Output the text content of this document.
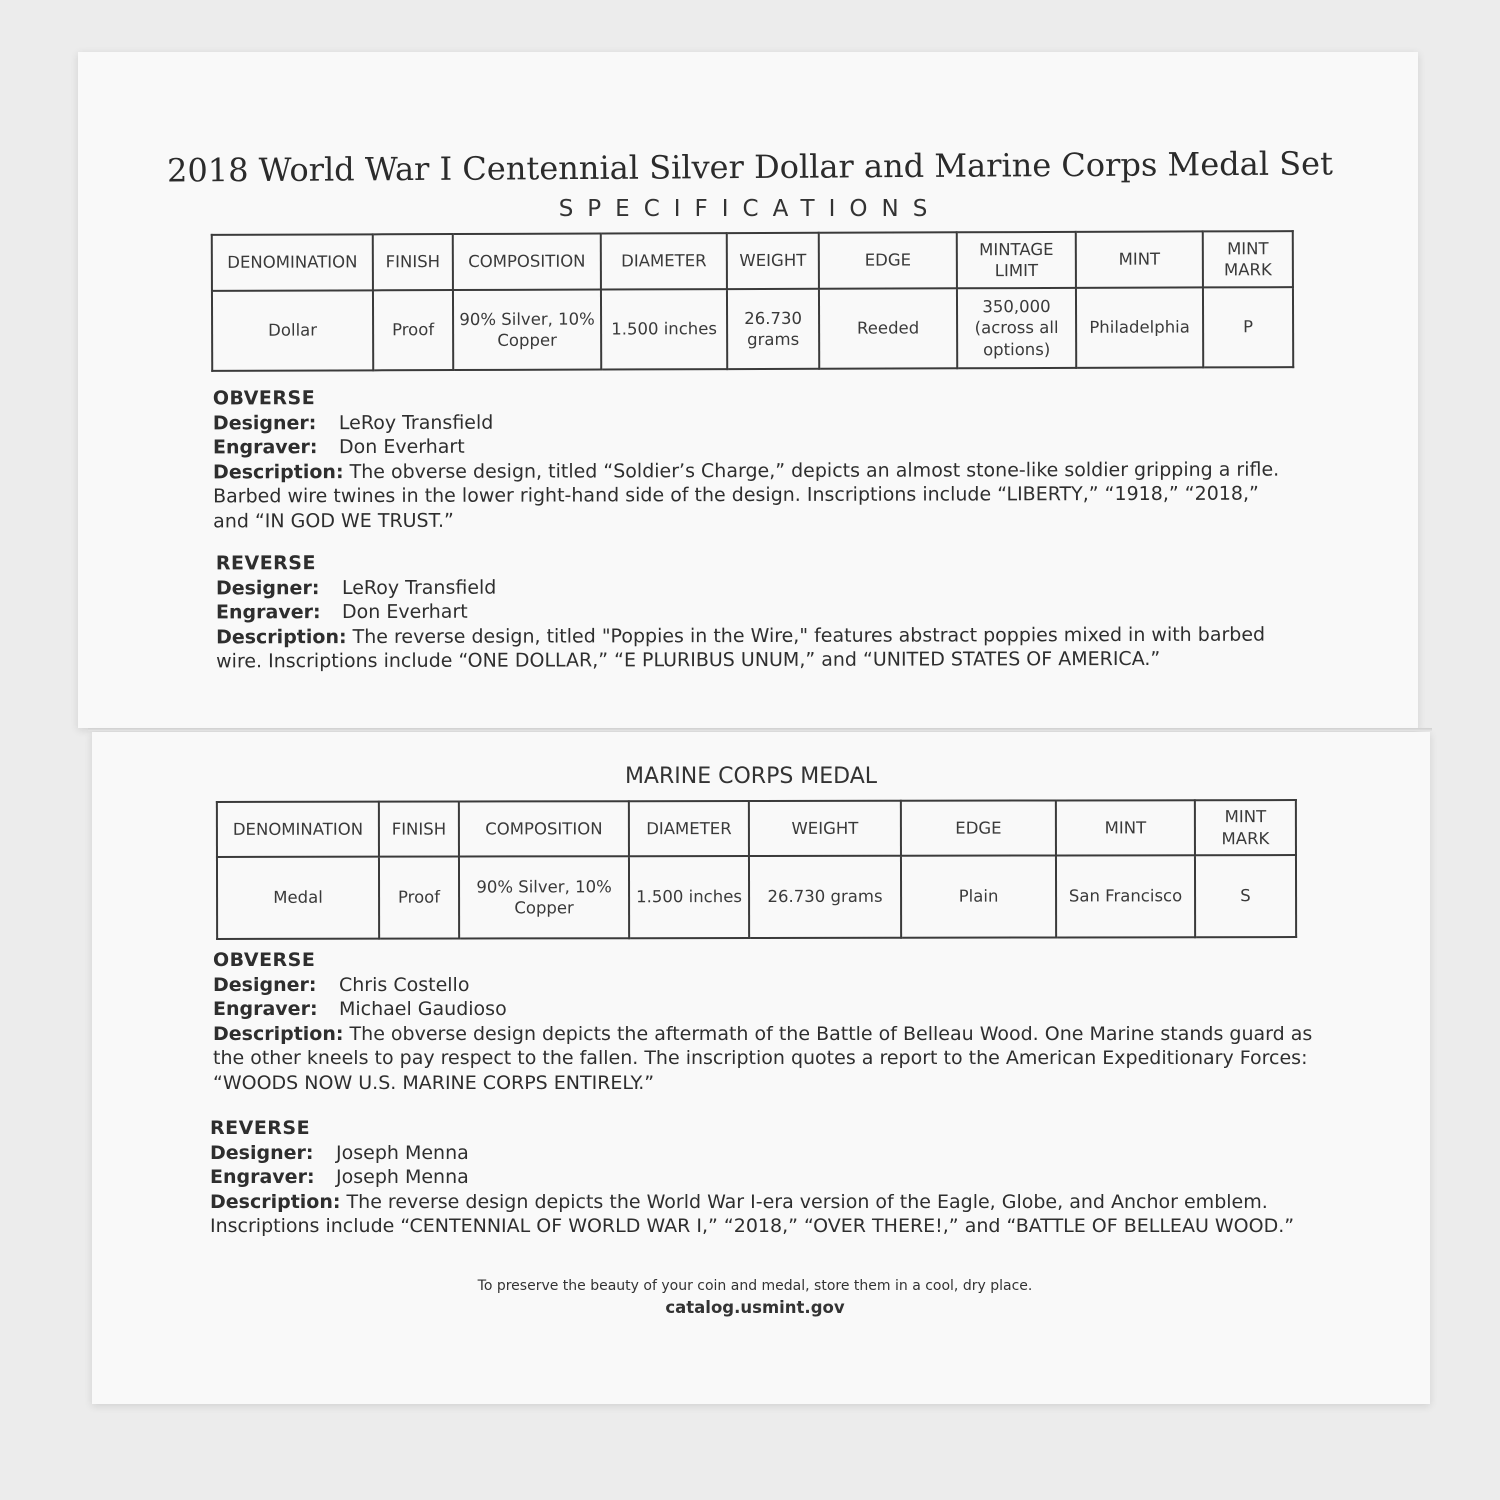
2018 World War I Centennial Silver Dollar and Marine Corps Medal Set
SPECIFICATIONS
DENOMINATION	FINISH	COMPOSITION	DIAMETER	WEIGHT	EDGE	MINTAGE LIMIT	MINT	MINT MARK
Dollar	Proof	90% Silver, 10% Copper	1.500 inches	26.730 grams	Reeded	350,000 (across all options)	Philadelphia	P
OBVERSE
Designer: LeRoy Transfield
Engraver: Don Everhart

Description: The obverse design, titled “Soldier’s Charge,” depicts an almost stone-like soldier gripping a rifle. Barbed wire twines in the lower right-hand side of the design. Inscriptions include “LIBERTY,” “1918,” “2018,” and “IN GOD WE TRUST.”

REVERSE
Designer: LeRoy Transfield
Engraver: Don Everhart

Description: The reverse design, titled "Poppies in the Wire," features abstract poppies mixed in with barbed wire. Inscriptions include “ONE DOLLAR,” “E PLURIBUS UNUM,” and “UNITED STATES OF AMERICA.”

MARINE CORPS MEDAL
DENOMINATION	FINISH	COMPOSITION	DIAMETER	WEIGHT	EDGE	MINT	MINT MARK
Medal	Proof	90% Silver, 10% Copper	1.500 inches	26.730 grams	Plain	San Francisco	S
OBVERSE
Designer: Chris Costello
Engraver: Michael Gaudioso

Description: The obverse design depicts the aftermath of the Battle of Belleau Wood. One Marine stands guard as the other kneels to pay respect to the fallen. The inscription quotes a report to the American Expeditionary Forces: “WOODS NOW U.S. MARINE CORPS ENTIRELY.”

REVERSE
Designer: Joseph Menna
Engraver: Joseph Menna

Description: The reverse design depicts the World War I-era version of the Eagle, Globe, and Anchor emblem. Inscriptions include “CENTENNIAL OF WORLD WAR I,” “2018,” “OVER THERE!,” and “BATTLE OF BELLEAU WOOD.”

To preserve the beauty of your coin and medal, store them in a cool, dry place.
catalog.usmint.gov
